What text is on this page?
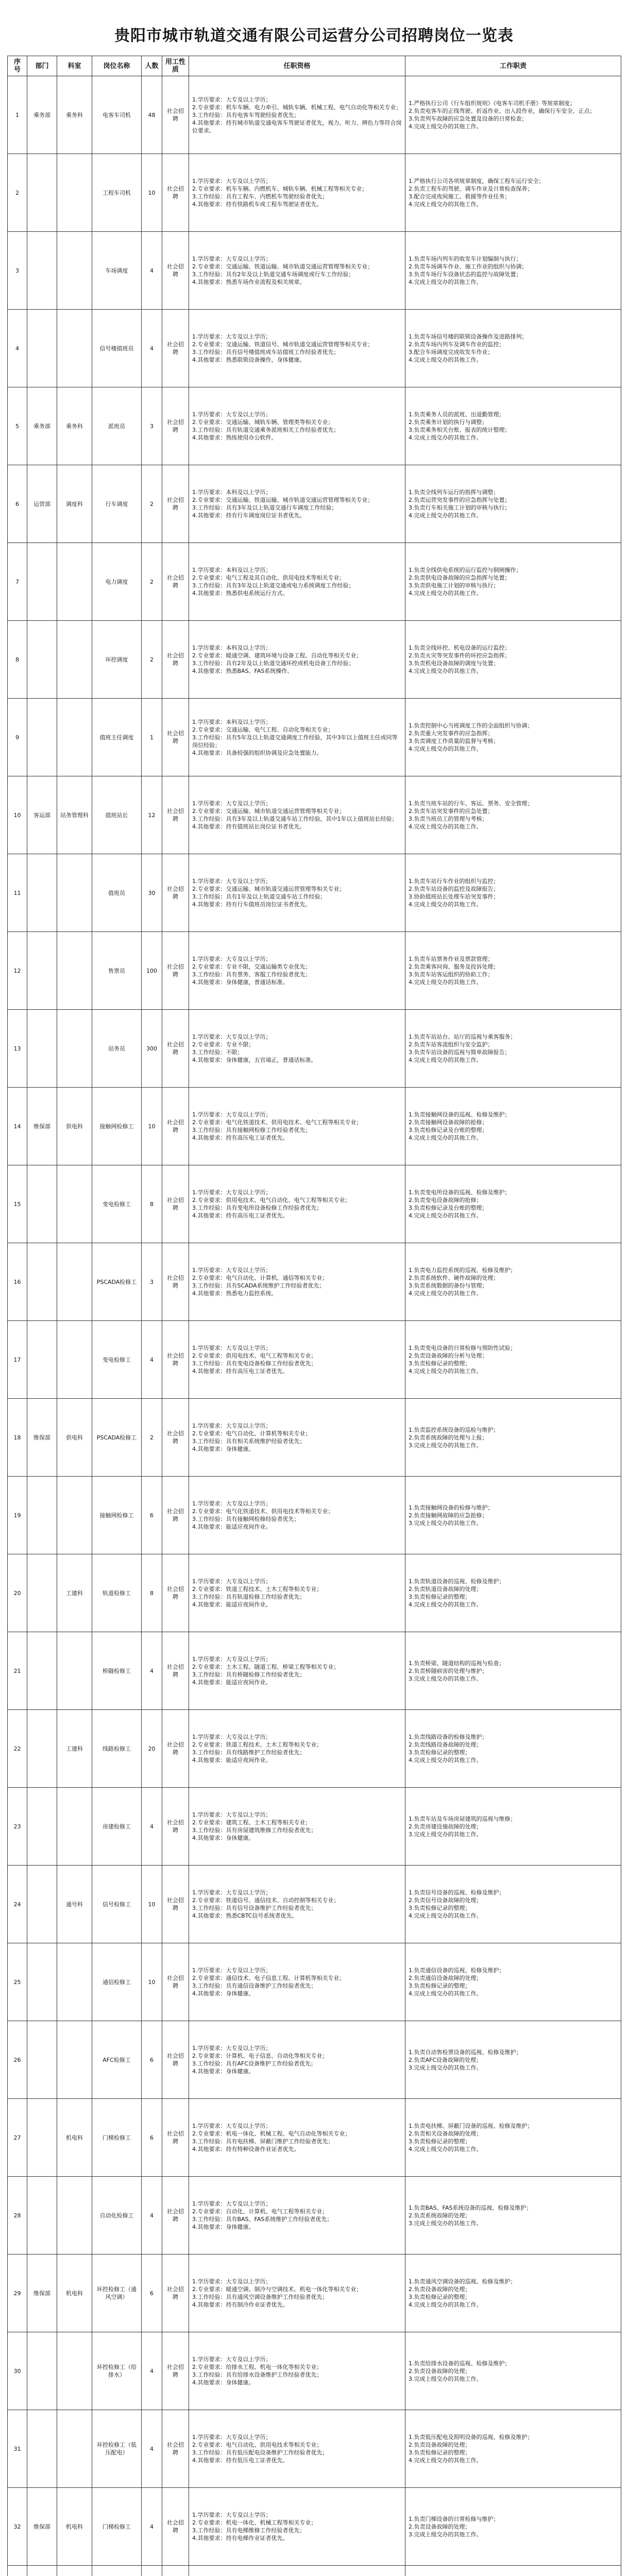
贵阳市城市轨道交通有限公司运营分公司招聘岗位一览表
序号	部门	科室	岗位名称	人数	用工性质	任职资格	工作职责
1	乘务部	乘务科	电客车司机	48	社会招聘	1.学历要求：大专及以上学历；
2.专业要求：机车车辆、电力牵引、城轨车辆、机械工程、电气自动化等相关专业；
3.工作经验：具有电客车驾驶经验者优先；
4.其他要求：持有城市轨道交通电客车驾驶证者优先，视力、听力、辨色力等符合岗位要求。	1.严格执行公司《行车组织规则》《电客车司机手册》等规章制度；
2.负责电客车的正线驾驶、折返作业、出入段作业，确保行车安全、正点；
3.负责列车故障的应急处置及设备的日常检查；
4.完成上级交办的其他工作。
2			工程车司机	10	社会招聘	1.学历要求：大专及以上学历；
2.专业要求：机车车辆、内燃机车、城轨车辆、机械工程等相关专业；
3.工作经验：具有工程车、内燃机车驾驶经验者优先；
4.其他要求：持有铁路机车或工程车驾驶证者优先。	1.严格执行公司各项规章制度，确保工程车运行安全；
2.负责工程车的驾驶、调车作业及日常检查保养；
3.配合完成夜间施工、救援等作业任务；
4.完成上级交办的其他工作。
3			车场调度	4	社会招聘	1.学历要求：大专及以上学历；
2.专业要求：交通运输、铁道运输、城市轨道交通运营管理等相关专业；
3.工作经验：具有2年及以上轨道交通车场调度或行车工作经验；
4.其他要求：熟悉车场作业流程及相关规章。	1.负责车场内列车的收发车计划编制与执行；
2.负责车场调车作业、施工作业的组织与协调；
3.负责车场行车设备状态的监控与故障处置；
4.完成上级交办的其他工作。
4			信号楼值班员	4	社会招聘	1.学历要求：大专及以上学历；
2.专业要求：交通运输、铁道信号、城市轨道交通运营管理等相关专业；
3.工作经验：具有信号楼值班或车站值班工作经验者优先；
4.其他要求：熟悉联锁设备操作，身体健康。	1.负责车场信号楼的联锁设备操作及进路排列；
2.负责车场内列车及调车作业的监控；
3.配合车场调度完成收发车作业；
4.完成上级交办的其他工作。
5	乘务部	乘务科	派班员	3	社会招聘	1.学历要求：大专及以上学历；
2.专业要求：交通运输、城轨车辆、管理类等相关专业；
3.工作经验：具有轨道交通乘务派班相关工作经验者优先；
4.其他要求：熟练使用办公软件。	1.负责乘务人员的派班、出退勤管理；
2.负责乘务计划的执行与调整；
3.负责乘务相关台账、报表的统计整理；
4.完成上级交办的其他工作。
6	运营部	调度科	行车调度	2	社会招聘	1.学历要求：本科及以上学历；
2.专业要求：交通运输、铁道运输、城市轨道交通运营管理等相关专业；
3.工作经验：具有3年及以上轨道交通行车调度工作经验；
4.其他要求：持有行车调度岗位证书者优先。	1.负责全线列车运行的指挥与调整；
2.负责运营突发事件的应急指挥与处置；
3.负责行车相关施工计划的审核与执行；
4.完成上级交办的其他工作。
7			电力调度	2	社会招聘	1.学历要求：本科及以上学历；
2.专业要求：电气工程及其自动化、供用电技术等相关专业；
3.工作经验：具有3年及以上轨道交通或电力系统调度工作经验；
4.其他要求：熟悉供电系统运行方式。	1.负责全线供电系统的运行监控与倒闸操作；
2.负责供电设备故障的应急指挥与处置；
3.负责供电施工计划的审核与执行；
4.完成上级交办的其他工作。
8			环控调度	2	社会招聘	1.学历要求：本科及以上学历；
2.专业要求：暖通空调、建筑环境与设备工程、自动化等相关专业；
3.工作经验：具有2年及以上轨道交通环控或机电设备工作经验；
4.其他要求：熟悉BAS、FAS系统操作。	1.负责全线环控、机电设备的运行监控；
2.负责火灾等突发事件的环控应急指挥；
3.负责机电设备故障的调度与处置；
4.完成上级交办的其他工作。
9			值班主任调度	1	社会招聘	1.学历要求：本科及以上学历；
2.专业要求：交通运输、电气工程、自动化等相关专业；
3.工作经验：具有5年及以上轨道交通调度工作经验，其中3年以上值班主任或同等岗位经验；
4.其他要求：具备较强的组织协调及应急处置能力。	1.负责控制中心当班调度工作的全面组织与协调；
2.负责重大突发事件的应急指挥；
3.负责调度工作质量的监督与考核；
4.完成上级交办的其他工作。
10	客运部	站务管理科	值班站长	12	社会招聘	1.学历要求：大专及以上学历；
2.专业要求：交通运输、城市轨道交通运营管理等相关专业；
3.工作经验：具有3年及以上轨道交通车站工作经验，其中1年以上值班站长经验；
4.其他要求：持有值班站长岗位证书者优先。	1.负责当班车站的行车、客运、票务、安全管理；
2.负责车站突发事件的应急处置；
3.负责当班员工的管理与考核；
4.完成上级交办的其他工作。
11			值班员	30	社会招聘	1.学历要求：大专及以上学历；
2.专业要求：交通运输、城市轨道交通运营管理等相关专业；
3.工作经验：具有1年及以上轨道交通车站工作经验；
4.其他要求：持有行车值班员岗位证书者优先。	1.负责车站行车作业的组织与监控；
2.负责车站设备的监控及故障报告；
3.协助值班站长处理车站突发事件；
4.完成上级交办的其他工作。
12			售票员	100	社会招聘	1.学历要求：大专及以上学历；
2.专业要求：专业不限，交通运输类专业优先；
3.工作经验：具有票务、客服工作经验者优先；
4.其他要求：身体健康，普通话标准。	1.负责车站票务作业及票款管理；
2.负责乘客问询、服务及投诉处理；
3.负责车站客运组织的协助工作；
4.完成上级交办的其他工作。
13			站务员	300	社会招聘	1.学历要求：大专及以上学历；
2.专业要求：专业不限；
3.工作经验：不限；
4.其他要求：身体健康，五官端正，普通话标准。	1.负责车站站台、站厅的巡视与乘客服务；
2.负责车站客流组织与安全监护；
3.负责车站设备的巡视与简单故障报告；
4.完成上级交办的其他工作。
14	维保部	供电科	接触网检修工	10	社会招聘	1.学历要求：大专及以上学历；
2.专业要求：电气化铁道技术、供用电技术、电气工程等相关专业；
3.工作经验：具有接触网检修工作经验者优先；
4.其他要求：持有高压电工证者优先。	1.负责接触网设备的巡视、检修及维护；
2.负责接触网设备故障的抢修；
3.负责检修记录及台账的整理；
4.完成上级交办的其他工作。
15			变电检修工	8	社会招聘	1.学历要求：大专及以上学历；
2.专业要求：供用电技术、电气自动化、电气工程等相关专业；
3.工作经验：具有变电所设备检修工作经验者优先；
4.其他要求：持有高压电工证者优先。	1.负责变电所设备的巡视、检修及维护；
2.负责变电设备故障的抢修；
3.负责检修记录及台账的整理；
4.完成上级交办的其他工作。
16			PSCADA检修工	3	社会招聘	1.学历要求：大专及以上学历；
2.专业要求：电气自动化、计算机、通信等相关专业；
3.工作经验：具有SCADA系统维护工作经验者优先；
4.其他要求：熟悉电力监控系统。	1.负责电力监控系统的巡视、检修及维护；
2.负责系统软件、硬件故障的处理；
3.负责系统数据的备份与管理；
4.完成上级交办的其他工作。
17			变电检修工	4	社会招聘	1.学历要求：大专及以上学历；
2.专业要求：供用电技术、电气工程等相关专业；
3.工作经验：具有变电设备检修工作经验者优先；
4.其他要求：持有高压电工证者优先。	1.负责变电设备的日常检修与预防性试验；
2.负责设备故障的分析与处理；
3.负责检修记录的整理；
4.完成上级交办的其他工作。
18	维保部	供电科	PSCADA检修工	2	社会招聘	1.学历要求：大专及以上学历；
2.专业要求：电气自动化、计算机等相关专业；
3.工作经验：具有相关系统维护经验者优先；
4.其他要求：身体健康。	1.负责监控系统设备的巡检与维护；
2.负责系统故障的处理与上报；
3.完成上级交办的其他工作。
19			接触网检修工	6	社会招聘	1.学历要求：大专及以上学历；
2.专业要求：电气化铁道技术、供用电技术等相关专业；
3.工作经验：具有接触网检修经验者优先；
4.其他要求：能适应夜间作业。	1.负责接触网设备的检修与维护；
2.负责接触网故障的应急抢修；
3.完成上级交办的其他工作。
20		工建科	轨道检修工	8	社会招聘	1.学历要求：大专及以上学历；
2.专业要求：铁道工程技术、土木工程等相关专业；
3.工作经验：具有轨道检修工作经验者优先；
4.其他要求：能适应夜间作业。	1.负责轨道设备的巡视、检修及维护；
2.负责轨道设备故障的处理；
3.负责检修记录的整理；
4.完成上级交办的其他工作。
21			桥隧检修工	4	社会招聘	1.学历要求：大专及以上学历；
2.专业要求：土木工程、隧道工程、桥梁工程等相关专业；
3.工作经验：具有桥隧检修工作经验者优先；
4.其他要求：能适应夜间作业。	1.负责桥梁、隧道结构的巡视与检查；
2.负责桥隧病害的处理与维护；
3.完成上级交办的其他工作。
22		工建科	线路检修工	20	社会招聘	1.学历要求：大专及以上学历；
2.专业要求：铁道工程技术、土木工程等相关专业；
3.工作经验：具有线路维护工作经验者优先；
4.其他要求：能适应夜间作业。	1.负责线路设备的检修及维护；
2.负责线路设备故障的处理；
3.负责检修记录的整理；
4.完成上级交办的其他工作。
23			房建检修工	4	社会招聘	1.学历要求：大专及以上学历；
2.专业要求：建筑工程、土木工程等相关专业；
3.工作经验：具有房屋建筑维修工作经验者优先；
4.其他要求：身体健康。	1.负责车站及车场房屋建筑的巡视与维修；
2.负责房建设施故障的处理；
3.完成上级交办的其他工作。
24		通号科	信号检修工	10	社会招聘	1.学历要求：大专及以上学历；
2.专业要求：铁道信号、通信技术、自动控制等相关专业；
3.工作经验：具有信号设备维护工作经验者优先；
4.其他要求：熟悉CBTC信号系统者优先。	1.负责信号设备的巡视、检修及维护；
2.负责信号设备故障的处理；
3.负责检修记录的整理；
4.完成上级交办的其他工作。
25			通信检修工	10	社会招聘	1.学历要求：大专及以上学历；
2.专业要求：通信技术、电子信息工程、计算机等相关专业；
3.工作经验：具有通信设备维护工作经验者优先；
4.其他要求：身体健康。	1.负责通信设备的巡视、检修及维护；
2.负责通信设备故障的处理；
3.负责检修记录的整理；
4.完成上级交办的其他工作。
26			AFC检修工	6	社会招聘	1.学历要求：大专及以上学历；
2.专业要求：计算机、电子信息、自动化等相关专业；
3.工作经验：具有AFC设备维护工作经验者优先；
4.其他要求：身体健康。	1.负责自动售检票设备的巡视、检修及维护；
2.负责AFC设备故障的处理；
3.完成上级交办的其他工作。
27		机电科	门梯检修工	6	社会招聘	1.学历要求：大专及以上学历；
2.专业要求：机电一体化、机械工程、电气自动化等相关专业；
3.工作经验：具有电扶梯、屏蔽门维护工作经验者优先；
4.其他要求：持有特种设备作业证者优先。	1.负责电扶梯、屏蔽门设备的巡视、检修及维护；
2.负责相关设备故障的处理；
3.负责检修记录的整理；
4.完成上级交办的其他工作。
28			自动化检修工	4	社会招聘	1.学历要求：大专及以上学历；
2.专业要求：自动化、计算机、电气工程等相关专业；
3.工作经验：具有BAS、FAS系统维护工作经验者优先；
4.其他要求：身体健康。	1.负责BAS、FAS系统设备的巡视、检修及维护；
2.负责系统故障的处理；
3.完成上级交办的其他工作。
29	维保部	机电科	环控检修工（通风空调）	6	社会招聘	1.学历要求：大专及以上学历；
2.专业要求：暖通空调、制冷与空调技术、机电一体化等相关专业；
3.工作经验：具有通风空调设备维护工作经验者优先；
4.其他要求：持有制冷作业证者优先。	1.负责通风空调设备的巡视、检修及维护；
2.负责设备故障的处理；
3.负责检修记录的整理；
4.完成上级交办的其他工作。
30			环控检修工（给排水）	4	社会招聘	1.学历要求：大专及以上学历；
2.专业要求：给排水工程、机电一体化等相关专业；
3.工作经验：具有给排水设备维护工作经验者优先；
4.其他要求：身体健康。	1.负责给排水设备的巡视、检修及维护；
2.负责设备故障的处理；
3.完成上级交办的其他工作。
31			环控检修工（低压配电）	4	社会招聘	1.学历要求：大专及以上学历；
2.专业要求：电气自动化、供用电技术等相关专业；
3.工作经验：具有低压配电设备维护工作经验者优先；
4.其他要求：持有低压电工证者优先。	1.负责低压配电及照明设备的巡视、检修及维护；
2.负责设备故障的处理；
3.负责检修记录的整理；
4.完成上级交办的其他工作。
32	维保部	机电科	门梯检修工	4	社会招聘	1.学历要求：大专及以上学历；
2.专业要求：机电一体化、机械工程等相关专业；
3.工作经验：具有电梯维修工作经验者优先；
4.其他要求：持有电梯作业证者优先。	1.负责门梯设备的日常检修与维护；
2.负责设备故障的处理；
3.完成上级交办的其他工作。
